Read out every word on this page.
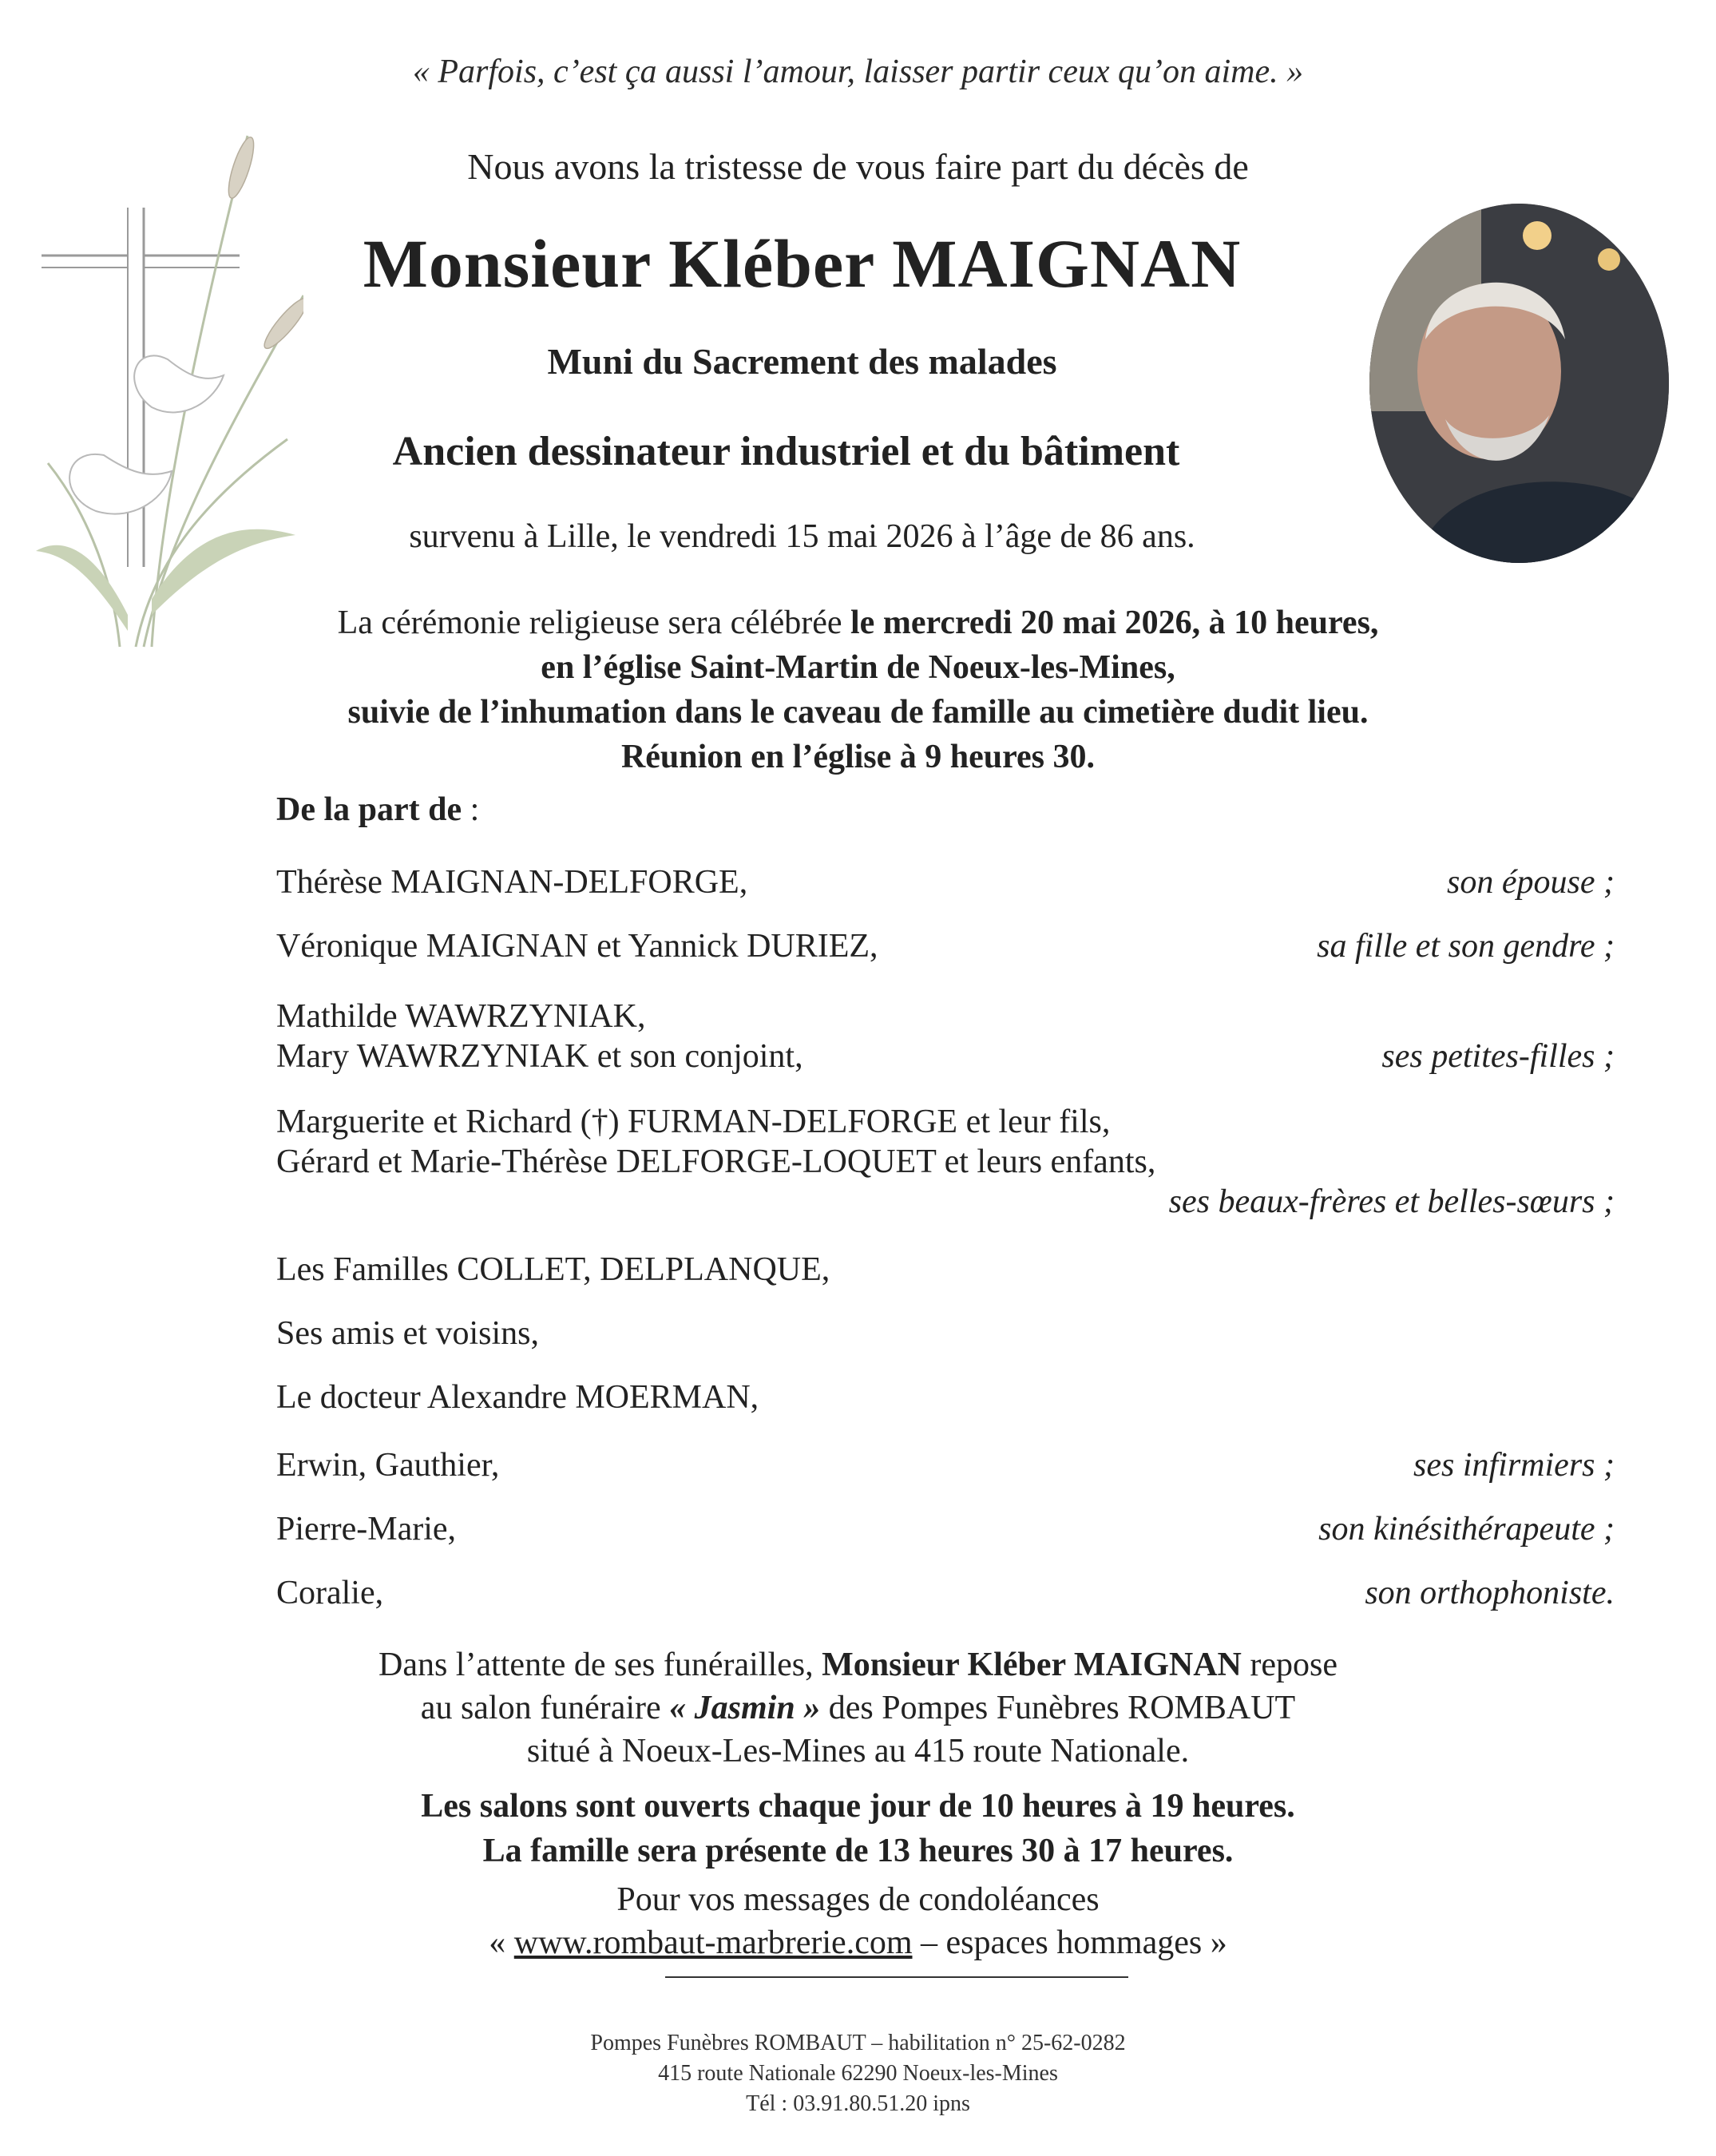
« Parfois, c’est ça aussi l’amour, laisser partir ceux qu’on aime. »
Nous avons la tristesse de vous faire part du décès de
Monsieur Kléber MAIGNAN
Muni du Sacrement des malades
Ancien dessinateur industriel et du bâtiment
survenu à Lille, le vendredi 15 mai 2026 à l’âge de 86 ans.
La cérémonie religieuse sera célébrée le mercredi 20 mai 2026, à 10 heures,
en l’église Saint-Martin de Noeux-les-Mines,
suivie de l’inhumation dans le caveau de famille au cimetière dudit lieu.
Réunion en l’église à 9 heures 30.
De la part de :
Thérèse MAIGNAN-DELFORGE,	son épouse ;
Véronique MAIGNAN et Yannick DURIEZ,	sa fille et son gendre ;
Mathilde WAWRZYNIAK,
Mary WAWRZYNIAK et son conjoint,	ses petites-filles ;
Marguerite et Richard (†) FURMAN-DELFORGE et leur fils,
Gérard et Marie-Thérèse DELFORGE-LOQUET et leurs enfants,
ses beaux-frères et belles-sœurs ;
Les Familles COLLET, DELPLANQUE,
Ses amis et voisins,
Le docteur Alexandre MOERMAN,
Erwin, Gauthier,	ses infirmiers ;
Pierre-Marie,	son kinésithérapeute ;
Coralie,	son orthophoniste.
Dans l’attente de ses funérailles, Monsieur Kléber MAIGNAN repose
au salon funéraire « Jasmin » des Pompes Funèbres ROMBAUT
situé à Noeux-Les-Mines au 415 route Nationale.
Les salons sont ouverts chaque jour de 10 heures à 19 heures.
La famille sera présente de 13 heures 30 à 17 heures.
Pour vos messages de condoléances
« www.rombaut-marbrerie.com – espaces hommages »
Pompes Funèbres ROMBAUT – habilitation n° 25-62-0282
415 route Nationale 62290 Noeux-les-Mines
Tél : 03.91.80.51.20 ipns
